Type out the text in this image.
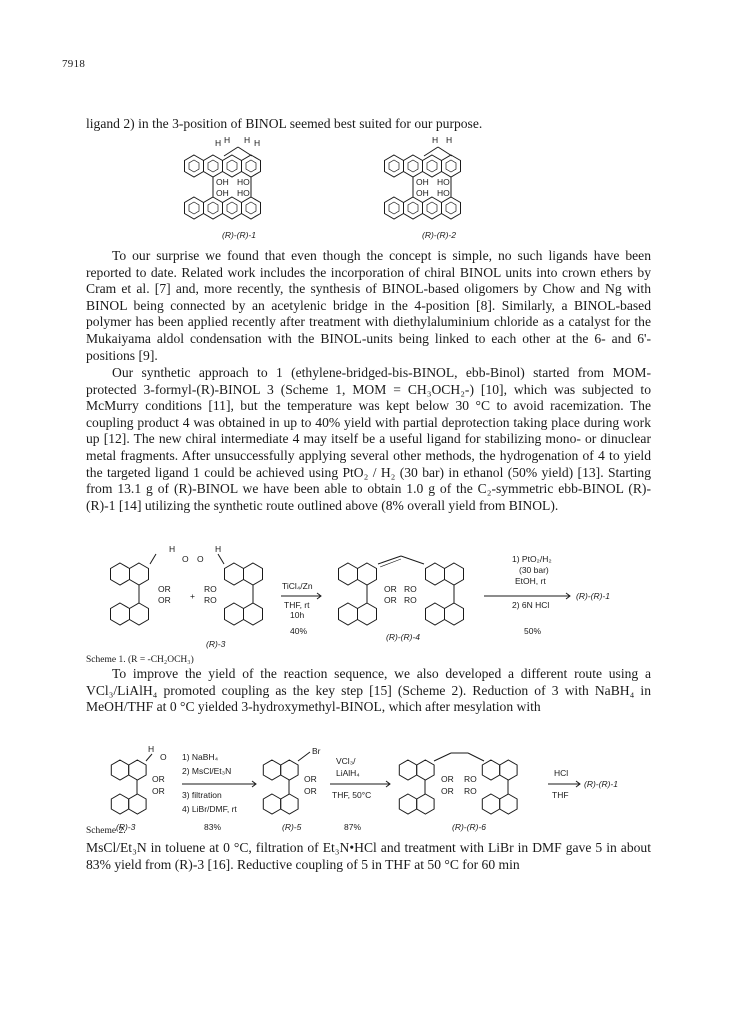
7918

ligand 2) in the 3-position of BINOL seemed best suited for our purpose.

H H H H
OH HO
OH HO
(R)-(R)-1
H H
OH HO
OH HO
(R)-(R)-2

To our surprise we found that even though the concept is simple, no such ligands have been reported to date. Related work includes the incorporation of chiral BINOL units into crown ethers by Cram et al. [7] and, more recently, the synthesis of BINOL-based oligomers by Chow and Ng with BINOL being connected by an acetylenic bridge in the 4-position [8]. Similarly, a BINOL-based polymer has been applied recently after treatment with diethylaluminium chloride as a catalyst for the Mukaiyama aldol condensation with the BINOL-units being linked to each other at the 6- and 6'-positions [9].

Our synthetic approach to 1 (ethylene-bridged-bis-BINOL, ebb-Binol) started from MOM-protected 3-formyl-(R)-BINOL 3 (Scheme 1, MOM = CH₃OCH₂-) [10], which was subjected to McMurry conditions [11], but the temperature was kept below 30 °C to avoid racemization. The coupling product 4 was obtained in up to 40% yield with partial deprotection taking place during work up [12]. The new chiral intermediate 4 may itself be a useful ligand for stabilizing mono- or dinuclear metal fragments. After unsuccessfully applying several other methods, the hydrogenation of 4 to yield the targeted ligand 1 could be achieved using PtO₂ / H₂ (30 bar) in ethanol (50% yield) [13]. Starting from 13.1 g of (R)-BINOL we have been able to obtain 1.0 g of the C₂-symmetric ebb-BINOL (R)-(R)-1 [14] utilizing the synthetic route outlined above (8% overall yield from BINOL).

H
O
OR
OR +
H
O
RO
RO
(R)-3
TiCl₄/Zn
THF, rt
10h
40%
OR RO
OR RO
(R)-(R)-4
1) PtO₂/H₂
(30 bar)
EtOH, rt
2) 6N HCl
50%
(R)-(R)-1
Scheme 1. (R = -CH₂OCH₃)

To improve the yield of the reaction sequence, we also developed a different route using a VCl₃/LiAlH₄ promoted coupling as the key step [15] (Scheme 2). Reduction of 3 with NaBH₄ in MeOH/THF at 0 °C yielded 3-hydroxymethyl-BINOL, which after mesylation with

H
O
OR
OR
(R)-3
1) NaBH₄
2) MsCl/Et₃N
3) filtration
4) LiBr/DMF, rt
83%
Br
OR
OR
(R)-5
VCl₃/
LiAlH₄
THF, 50°C
87%
OR RO
OR RO
(R)-(R)-6
HCl
THF
(R)-(R)-1
Scheme 2.

MsCl/Et₃N in toluene at 0 °C, filtration of Et₃N•HCl and treatment with LiBr in DMF gave 5 in about 83% yield from (R)-3 [16]. Reductive coupling of 5 in THF at 50 °C for 60 min
